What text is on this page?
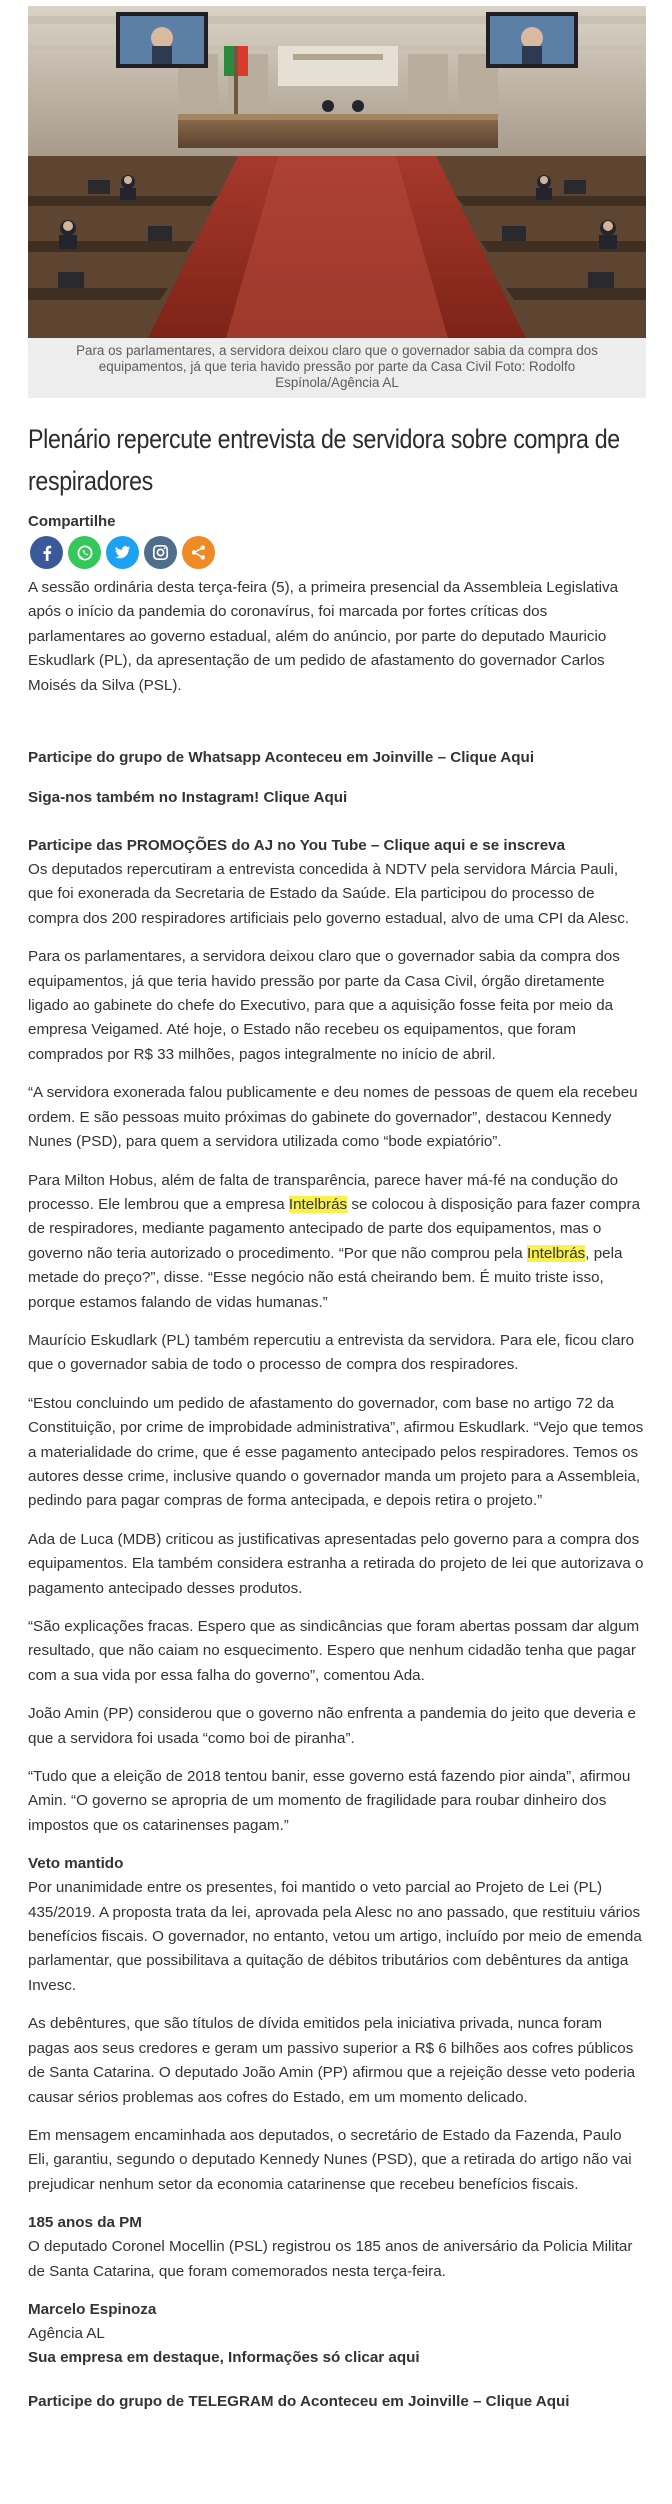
Para os parlamentares, a servidora deixou claro que o governador sabia da compra dos equipamentos, já que teria havido pressão por parte da Casa Civil Foto: Rodolfo Espínola/Agência AL
Plenário repercute entrevista de servidora sobre compra de respiradores
Compartilhe

A sessão ordinária desta terça-feira (5), a primeira presencial da Assembleia Legislativa após o início da pandemia do coronavírus, foi marcada por fortes críticas dos parlamentares ao governo estadual, além do anúncio, por parte do deputado Mauricio Eskudlark (PL), da apresentação de um pedido de afastamento do governador Carlos Moisés da Silva (PSL).

Participe do grupo de Whatsapp Aconteceu em Joinville – Clique Aqui
Siga-nos também no Instagram! Clique Aqui
Participe das PROMOÇÕES do AJ no You Tube – Clique aqui e se inscreva

Os deputados repercutiram a entrevista concedida à NDTV pela servidora Márcia Pauli, que foi exonerada da Secretaria de Estado da Saúde. Ela participou do processo de compra dos 200 respiradores artificiais pelo governo estadual, alvo de uma CPI da Alesc.

Para os parlamentares, a servidora deixou claro que o governador sabia da compra dos equipamentos, já que teria havido pressão por parte da Casa Civil, órgão diretamente ligado ao gabinete do chefe do Executivo, para que a aquisição fosse feita por meio da empresa Veigamed. Até hoje, o Estado não recebeu os equipamentos, que foram comprados por R$ 33 milhões, pagos integralmente no início de abril.

“A servidora exonerada falou publicamente e deu nomes de pessoas de quem ela recebeu ordem. E são pessoas muito próximas do gabinete do governador”, destacou Kennedy Nunes (PSD), para quem a servidora utilizada como “bode expiatório”.

Para Milton Hobus, além de falta de transparência, parece haver má-fé na condução do processo. Ele lembrou que a empresa Intelbrás se colocou à disposição para fazer compra de respiradores, mediante pagamento antecipado de parte dos equipamentos, mas o governo não teria autorizado o procedimento. “Por que não comprou pela Intelbrás, pela metade do preço?”, disse. “Esse negócio não está cheirando bem. É muito triste isso, porque estamos falando de vidas humanas.”

Maurício Eskudlark (PL) também repercutiu a entrevista da servidora. Para ele, ficou claro que o governador sabia de todo o processo de compra dos respiradores.

“Estou concluindo um pedido de afastamento do governador, com base no artigo 72 da Constituição, por crime de improbidade administrativa”, afirmou Eskudlark. “Vejo que temos a materialidade do crime, que é esse pagamento antecipado pelos respiradores. Temos os autores desse crime, inclusive quando o governador manda um projeto para a Assembleia, pedindo para pagar compras de forma antecipada, e depois retira o projeto.”

Ada de Luca (MDB) criticou as justificativas apresentadas pelo governo para a compra dos equipamentos. Ela também considera estranha a retirada do projeto de lei que autorizava o pagamento antecipado desses produtos.

“São explicações fracas. Espero que as sindicâncias que foram abertas possam dar algum resultado, que não caiam no esquecimento. Espero que nenhum cidadão tenha que pagar com a sua vida por essa falha do governo”, comentou Ada.

João Amin (PP) considerou que o governo não enfrenta a pandemia do jeito que deveria e que a servidora foi usada “como boi de piranha”.

“Tudo que a eleição de 2018 tentou banir, esse governo está fazendo pior ainda”, afirmou Amin. “O governo se apropria de um momento de fragilidade para roubar dinheiro dos impostos que os catarinenses pagam.”

Veto mantido

Por unanimidade entre os presentes, foi mantido o veto parcial ao Projeto de Lei (PL) 435/2019. A proposta trata da lei, aprovada pela Alesc no ano passado, que restituiu vários benefícios fiscais. O governador, no entanto, vetou um artigo, incluído por meio de emenda parlamentar, que possibilitava a quitação de débitos tributários com debêntures da antiga Invesc.

As debêntures, que são títulos de dívida emitidos pela iniciativa privada, nunca foram pagas aos seus credores e geram um passivo superior a R$ 6 bilhões aos cofres públicos de Santa Catarina. O deputado João Amin (PP) afirmou que a rejeição desse veto poderia causar sérios problemas aos cofres do Estado, em um momento delicado.

Em mensagem encaminhada aos deputados, o secretário de Estado da Fazenda, Paulo Eli, garantiu, segundo o deputado Kennedy Nunes (PSD), que a retirada do artigo não vai prejudicar nenhum setor da economia catarinense que recebeu benefícios fiscais.

185 anos da PM

O deputado Coronel Mocellin (PSL) registrou os 185 anos de aniversário da Policia Militar de Santa Catarina, que foram comemorados nesta terça-feira.

Marcelo Espinoza
Agência AL
Sua empresa em destaque, Informações só clicar aqui
Participe do grupo de TELEGRAM do Aconteceu em Joinville – Clique Aqui
